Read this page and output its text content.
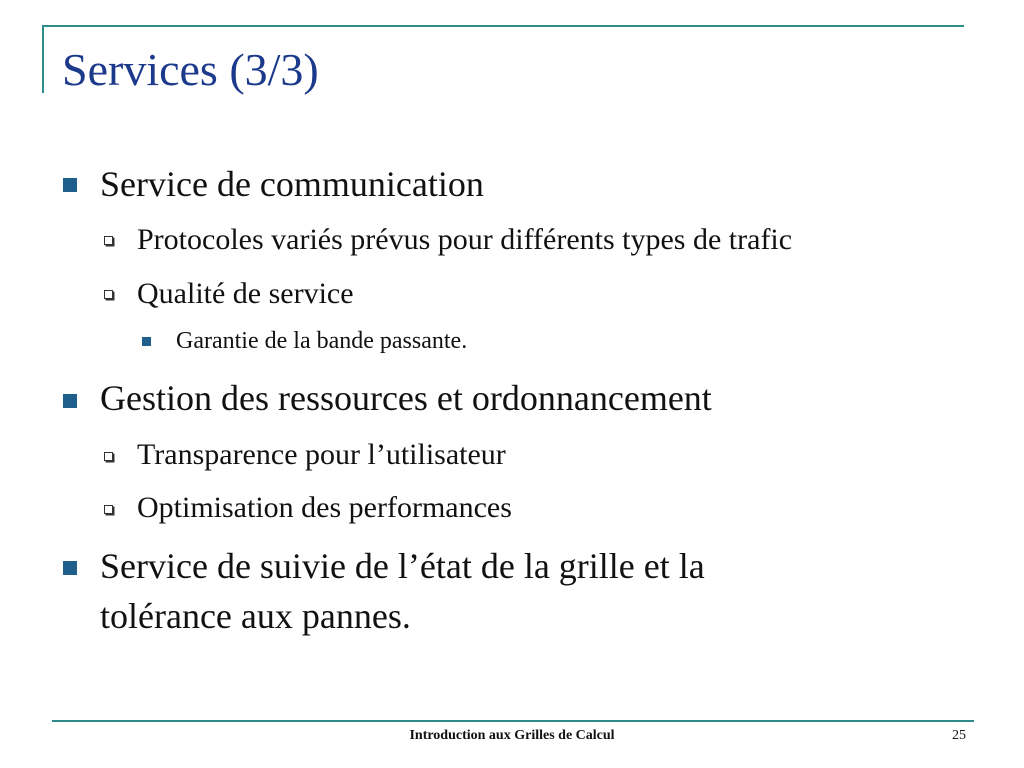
Services (3/3)
Service de communication
Protocoles variés prévus pour différents types de trafic
Qualité de service
Garantie de la bande passante.
Gestion des ressources et ordonnancement
Transparence pour l’utilisateur
Optimisation des performances
Service de suivie de l’état de la grille et la
tolérance aux pannes.
Introduction aux Grilles de Calcul	25
